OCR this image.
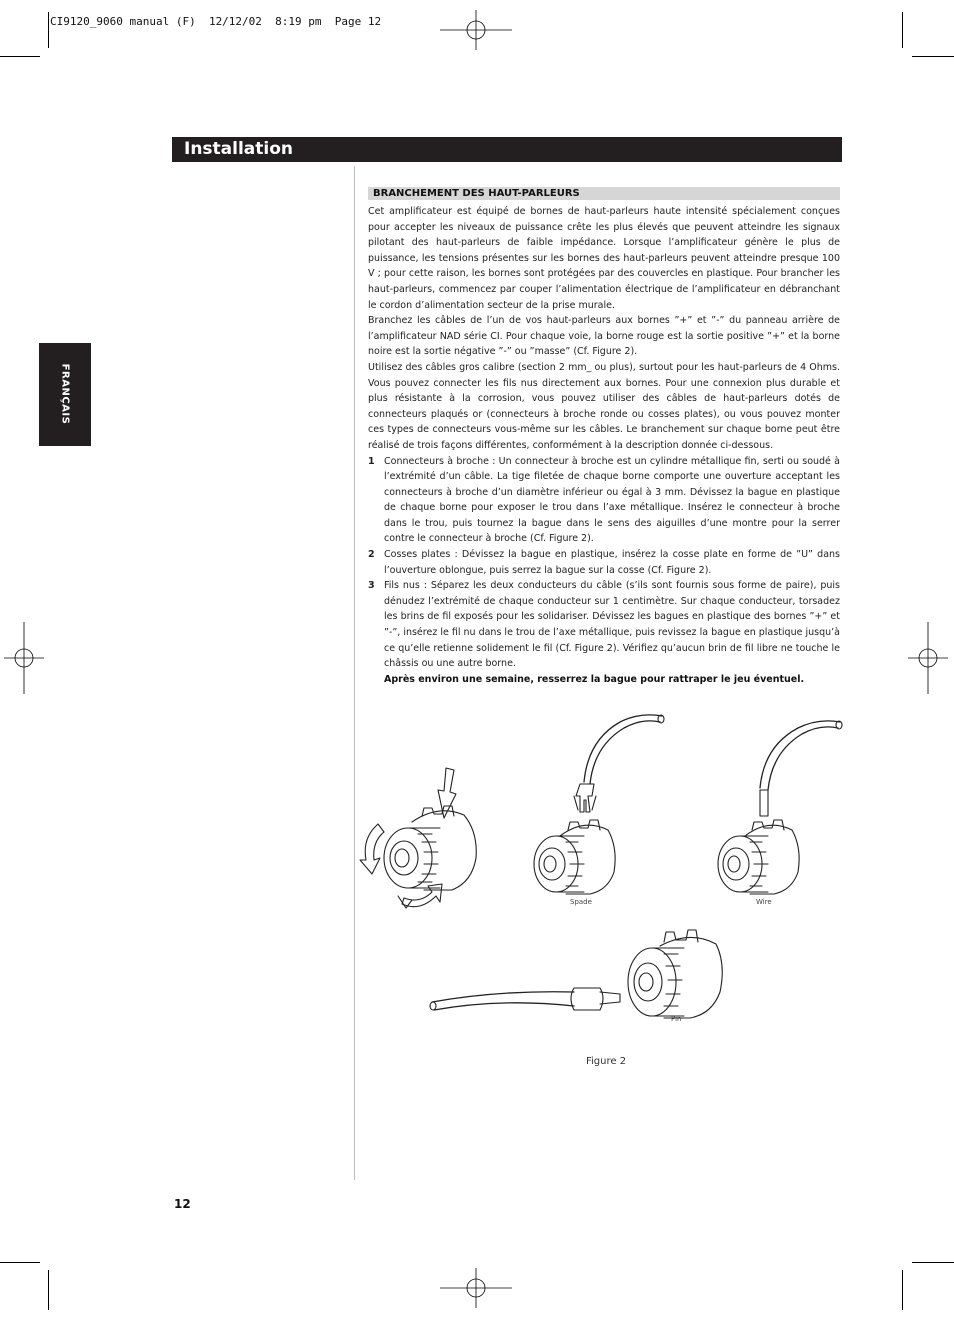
CI9120_9060 manual (F)  12/12/02  8:19 pm  Page 12
Installation
FRANÇAIS
BRANCHEMENT DES HAUT-PARLEURS

Cet amplificateur est équipé de bornes de haut-parleurs haute intensité spécialement conçues pour accepter les niveaux de puissance crête les plus élevés que peuvent atteindre les signaux pilotant des haut-parleurs de faible impédance. Lorsque l’amplificateur génère le plus de puissance, les tensions présentes sur les bornes des haut-parleurs peuvent atteindre presque 100 V ; pour cette raison, les bornes sont protégées par des couvercles en plastique. Pour brancher les haut-parleurs, commencez par couper l’alimentation électrique de l’amplificateur en débranchant le cordon d’alimentation secteur de la prise murale.

Branchez les câbles de l’un de vos haut-parleurs aux bornes ”+” et ”-” du panneau arrière de l’amplificateur NAD série CI. Pour chaque voie, la borne rouge est la sortie positive ”+” et la borne noire est la sortie négative ”-” ou ”masse” (Cf. Figure 2).

Utilisez des câbles gros calibre (section 2 mm_ ou plus), surtout pour les haut-parleurs de 4 Ohms. Vous pouvez connecter les fils nus directement aux bornes. Pour une connexion plus durable et plus résistante à la corrosion, vous pouvez utiliser des câbles de haut-parleurs dotés de connecteurs plaqués or (connecteurs à broche ronde ou cosses plates), ou vous pouvez monter ces types de connecteurs vous-même sur les câbles. Le branchement sur chaque borne peut être réalisé de trois façons différentes, conformément à la description donnée ci-dessous.

1 Connecteurs à broche : Un connecteur à broche est un cylindre métallique fin, serti ou soudé à l’extrémité d’un câble. La tige filetée de chaque borne comporte une ouverture acceptant les connecteurs à broche d’un diamètre inférieur ou égal à 3 mm. Dévissez la bague en plastique de chaque borne pour exposer le trou dans l’axe métallique. Insérez le connecteur à broche dans le trou, puis tournez la bague dans le sens des aiguilles d’une montre pour la serrer contre le connecteur à broche (Cf. Figure 2).
2 Cosses plates : Dévissez la bague en plastique, insérez la cosse plate en forme de ”U” dans l’ouverture oblongue, puis serrez la bague sur la cosse (Cf. Figure 2).
3 Fils nus : Séparez les deux conducteurs du câble (s’ils sont fournis sous forme de paire), puis dénudez l’extrémité de chaque conducteur sur 1 centimètre. Sur chaque conducteur, torsadez les brins de fil exposés pour les solidariser. Dévissez les bagues en plastique des bornes ”+” et ”-”, insérez le fil nu dans le trou de l’axe métallique, puis revissez la bague en plastique jusqu’à ce qu’elle retienne solidement le fil (Cf. Figure 2). Vérifiez qu’aucun brin de fil libre ne touche le châssis ou une autre borne.
Après environ une semaine, resserrez la bague pour rattraper le jeu éventuel.
Spade	Wire
Pin
Figure 2
12
